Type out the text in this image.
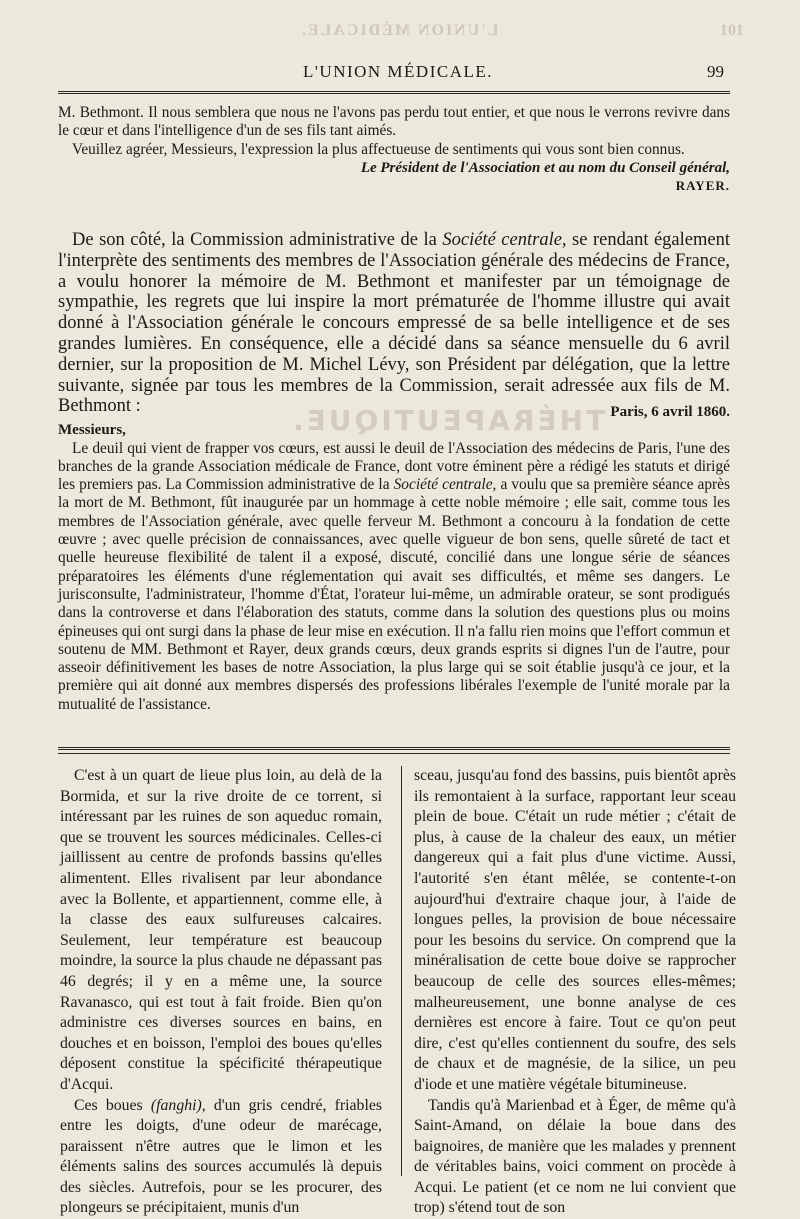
L'UNION MÉDICALE.	101
L'UNION MÉDICALE.	99

M. Bethmont. Il nous semblera que nous ne l'avons pas perdu tout entier, et que nous le verrons revivre dans le cœur et dans l'intelligence d'un de ses fils tant aimés.

Veuillez agréer, Messieurs, l'expression la plus affectueuse de sentiments qui vous sont bien connus.

Le Président de l'Association et au nom du Conseil général,

RAYER.

De son côté, la Commission administrative de la Société centrale, se rendant également l'interprète des sentiments des membres de l'Association générale des médecins de France, a voulu honorer la mémoire de M. Bethmont et manifester par un témoignage de sympathie, les regrets que lui inspire la mort prématurée de l'homme illustre qui avait donné à l'Association générale le concours empressé de sa belle intelligence et de ses grandes lumières. En conséquence, elle a décidé dans sa séance mensuelle du 6 avril dernier, sur la proposition de M. Michel Lévy, son Président par délégation, que la lettre suivante, signée par tous les membres de la Commission, serait adressée aux fils de M. Bethmont :	THÉRAPEUTIQUE. Paris, 6 avril 1860.

Messieurs,

Le deuil qui vient de frapper vos cœurs, est aussi le deuil de l'Association des médecins de Paris, l'une des branches de la grande Association médicale de France, dont votre éminent père a rédigé les statuts et dirigé les premiers pas. La Commission administrative de la Société centrale, a voulu que sa première séance après la mort de M. Bethmont, fût inaugurée par un hommage à cette noble mémoire ; elle sait, comme tous les membres de l'Association générale, avec quelle ferveur M. Bethmont a concouru à la fondation de cette œuvre ; avec quelle précision de connaissances, avec quelle vigueur de bon sens, quelle sûreté de tact et quelle heureuse flexibilité de talent il a exposé, discuté, concilié dans une longue série de séances préparatoires les éléments d'une réglementation qui avait ses difficultés, et même ses dangers. Le jurisconsulte, l'administrateur, l'homme d'État, l'orateur lui-même, un admirable orateur, se sont prodigués dans la controverse et dans l'élaboration des statuts, comme dans la solution des questions plus ou moins épineuses qui ont surgi dans la phase de leur mise en exécution. Il n'a fallu rien moins que l'effort commun et soutenu de MM. Bethmont et Rayer, deux grands cœurs, deux grands esprits si dignes l'un de l'autre, pour asseoir définitivement les bases de notre Association, la plus large qui se soit établie jusqu'à ce jour, et la première qui ait donné aux membres dispersés des professions libérales l'exemple de l'unité morale par la mutualité de l'assistance.

C'est à un quart de lieue plus loin, au delà de la Bormida, et sur la rive droite de ce torrent, si intéressant par les ruines de son aqueduc romain, que se trouvent les sources médicinales. Celles-ci jaillissent au centre de profonds bassins qu'elles alimentent. Elles rivalisent par leur abondance avec la Bollente, et appartiennent, comme elle, à la classe des eaux sulfureuses calcaires. Seulement, leur température est beaucoup moindre, la source la plus chaude ne dépassant pas 46 degrés; il y en a même une, la source Ravanasco, qui est tout à fait froide. Bien qu'on administre ces diverses sources en bains, en douches et en boisson, l'emploi des boues qu'elles déposent constitue la spécificité thérapeutique d'Acqui.

Ces boues (fanghi), d'un gris cendré, friables entre les doigts, d'une odeur de marécage, paraissent n'être autres que le limon et les éléments salins des sources accumulés là depuis des siècles. Autrefois, pour se les procurer, des plongeurs se précipitaient, munis d'un

sceau, jusqu'au fond des bassins, puis bientôt après ils remontaient à la surface, rapportant leur sceau plein de boue. C'était un rude métier ; c'était de plus, à cause de la chaleur des eaux, un métier dangereux qui a fait plus d'une victime. Aussi, l'autorité s'en étant mêlée, se contente-t-on aujourd'hui d'extraire chaque jour, à l'aide de longues pelles, la provision de boue nécessaire pour les besoins du service. On comprend que la minéralisation de cette boue doive se rapprocher beaucoup de celle des sources elles-mêmes; malheureusement, une bonne analyse de ces dernières est encore à faire. Tout ce qu'on peut dire, c'est qu'elles contiennent du soufre, des sels de chaux et de magnésie, de la silice, un peu d'iode et une matière végétale bitumineuse.

Tandis qu'à Marienbad et à Éger, de même qu'à Saint-Amand, on délaie la boue dans des baignoires, de manière que les malades y prennent de véritables bains, voici comment on procède à Acqui. Le patient (et ce nom ne lui convient que trop) s'étend tout de son
